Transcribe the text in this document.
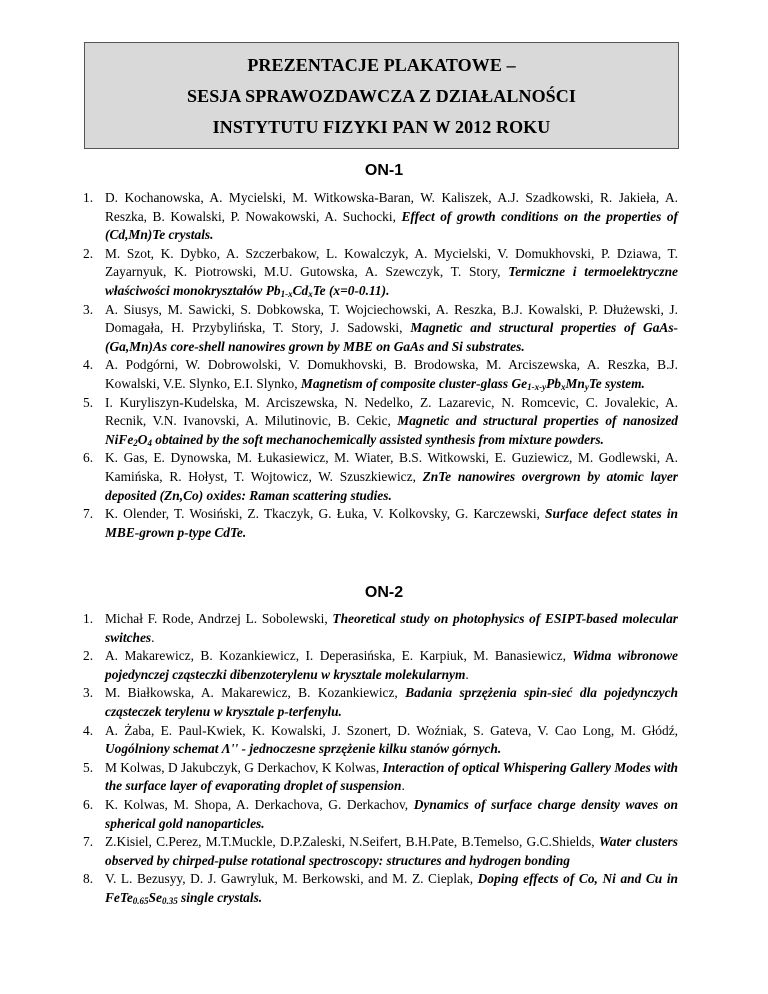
PREZENTACJE PLAKATOWE –
SESJA SPRAWOZDAWCZA Z DZIAŁALNOŚCI
INSTYTUTU FIZYKI PAN W 2012 ROKU
ON-1
1. D. Kochanowska, A. Mycielski, M. Witkowska-Baran, W. Kaliszek, A.J. Szadkowski, R. Jakieła, A. Reszka, B. Kowalski, P. Nowakowski, A. Suchocki, Effect of growth conditions on the properties of (Cd,Mn)Te crystals.
2. M. Szot, K. Dybko, A. Szczerbakow, L. Kowalczyk, A. Mycielski, V. Domukhovski, P. Dziawa, T. Zayarnyuk, K. Piotrowski, M.U. Gutowska, A. Szewczyk, T. Story, Termiczne i termoelektryczne właściwości monokryształów $Pb_{1-x}Cd_xTe$ (x=0-0.11).
3. A. Siusys, M. Sawicki, S. Dobkowska, T. Wojciechowski, A. Reszka, B.J. Kowalski, P. Dłużewski, J. Domagała, H. Przybylińska, T. Story, J. Sadowski, Magnetic and structural properties of GaAs-(Ga,Mn)As core-shell nanowires grown by MBE on GaAs and Si substrates.
4. A. Podgórni, W. Dobrowolski, V. Domukhovski, B. Brodowska, M. Arciszewska, A. Reszka, B.J. Kowalski, V.E. Slynko, E.I. Slynko, Magnetism of composite cluster-glass $Ge_{1-x-y}Pb_xMn_yTe$ system.
5. I. Kuryliszyn-Kudelska, M. Arciszewska, N. Nedelko, Z. Lazarevic, N. Romcevic, C. Jovalekic, A. Recnik, V.N. Ivanovski, A. Milutinovic, B. Cekic, Magnetic and structural properties of nanosized $NiFe_2O_4$ obtained by the soft mechanochemically assisted synthesis from mixture powders.
6. K. Gas, E. Dynowska, M. Łukasiewicz, M. Wiater, B.S. Witkowski, E. Guziewicz, M. Godlewski, A. Kamińska, R. Hołyst, T. Wojtowicz, W. Szuszkiewicz, ZnTe nanowires overgrown by atomic layer deposited (Zn,Co) oxides: Raman scattering studies.
7. K. Olender, T. Wosiński, Z. Tkaczyk, G. Łuka, V. Kolkovsky, G. Karczewski, Surface defect states in MBE-grown p-type CdTe.
ON-2
1. Michał F. Rode, Andrzej L. Sobolewski, Theoretical study on photophysics of ESIPT-based molecular switches.
2. A. Makarewicz, B. Kozankiewicz, I. Deperasińska, E. Karpiuk, M. Banasiewicz, Widma wibronowe pojedynczej cząsteczki dibenzoterylenu w krysztale molekularnym.
3. M. Białkowska, A. Makarewicz, B. Kozankiewicz, Badania sprzężenia spin-sieć dla pojedynczych cząsteczek terylenu w krysztale p-terfenylu.
4. A. Żaba, E. Paul-Kwiek, K. Kowalski, J. Szonert, D. Woźniak, S. Gateva, V. Cao Long, M. Głódź, Uogólniony schemat Λ'' - jednoczesne sprzężenie kilku stanów górnych.
5. M Kolwas, D Jakubczyk, G Derkachov, K Kolwas, Interaction of optical Whispering Gallery Modes with the surface layer of evaporating droplet of suspension.
6. K. Kolwas, M. Shopa, A. Derkachova, G. Derkachov, Dynamics of surface charge density waves on spherical gold nanoparticles.
7. Z.Kisiel, C.Perez, M.T.Muckle, D.P.Zaleski, N.Seifert, B.H.Pate, B.Temelso, G.C.Shields, Water clusters observed by chirped-pulse rotational spectroscopy: structures and hydrogen bonding
8. V. L. Bezusyy, D. J. Gawryluk, M. Berkowski, and M. Z. Cieplak, Doping effects of Co, Ni and Cu in $FeTe_{0.65}Se_{0.35}$ single crystals.
